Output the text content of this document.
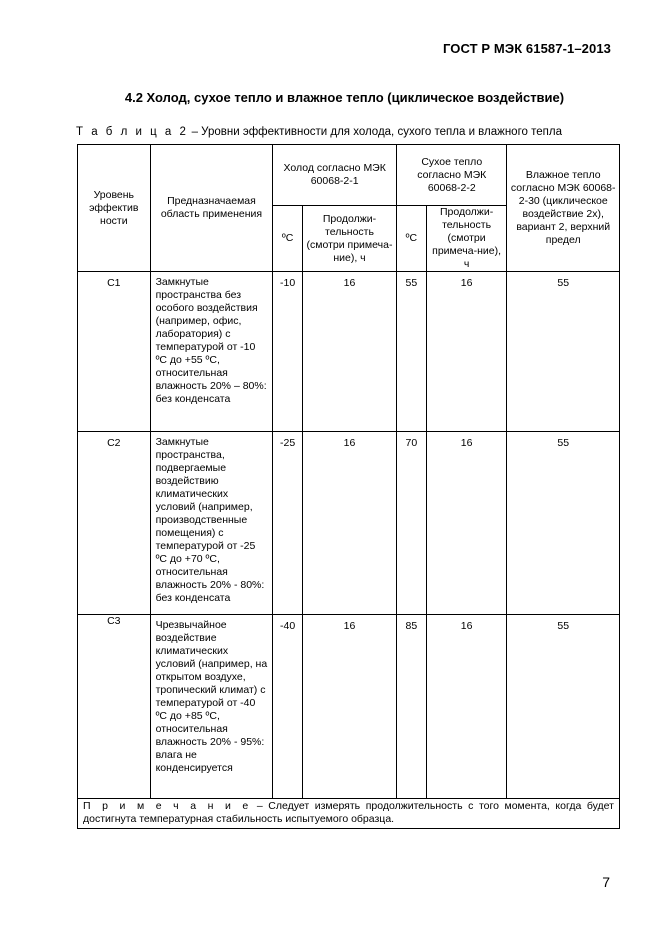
ГОСТ Р МЭК 61587-1–2013
4.2 Холод, сухое тепло и влажное тепло (циклическое воздействие)
Т а б л и ц а 2 – Уровни эффективности для холода, сухого тепла и влажного тепла
Уровень эффектив ности	Предназначаемая область применения	Холод согласно МЭК 60068-2-1		Сухое тепло согласно МЭК 60068-2-2		Влажное тепло согласно МЭК 60068-2-30 (циклическое воздействие 2х), вариант 2, верхний предел
		ºС	Продолжи-тельность (смотри примеча-ние), ч	ºС	Продолжи-тельность (смотри примеча-ние), ч	
С1	Замкнутые пространства без особого воздействия (например, офис, лаборатория) с температурой от -10 ºС до +55 ºС, относительная влажность 20% – 80%: без конденсата	-10	16	55	16	55
С2	Замкнутые пространства, подвергаемые воздействию климатических условий (например, производственные помещения) с температурой от -25 ºС до +70 ºС, относительная влажность 20% - 80%: без конденсата	-25	16	70	16	55
С3	Чрезвычайное воздействие климатических условий (например, на открытом воздухе, тропический климат) с температурой от -40 ºС до +85 ºС, относительная влажность 20% - 95%: влага не конденсируется	-40	16	85	16	55
П р и м е ч а н и е – Следует измерять продолжительность с того момента, когда будет достигнута температурная стабильность испытуемого образца.						
7
